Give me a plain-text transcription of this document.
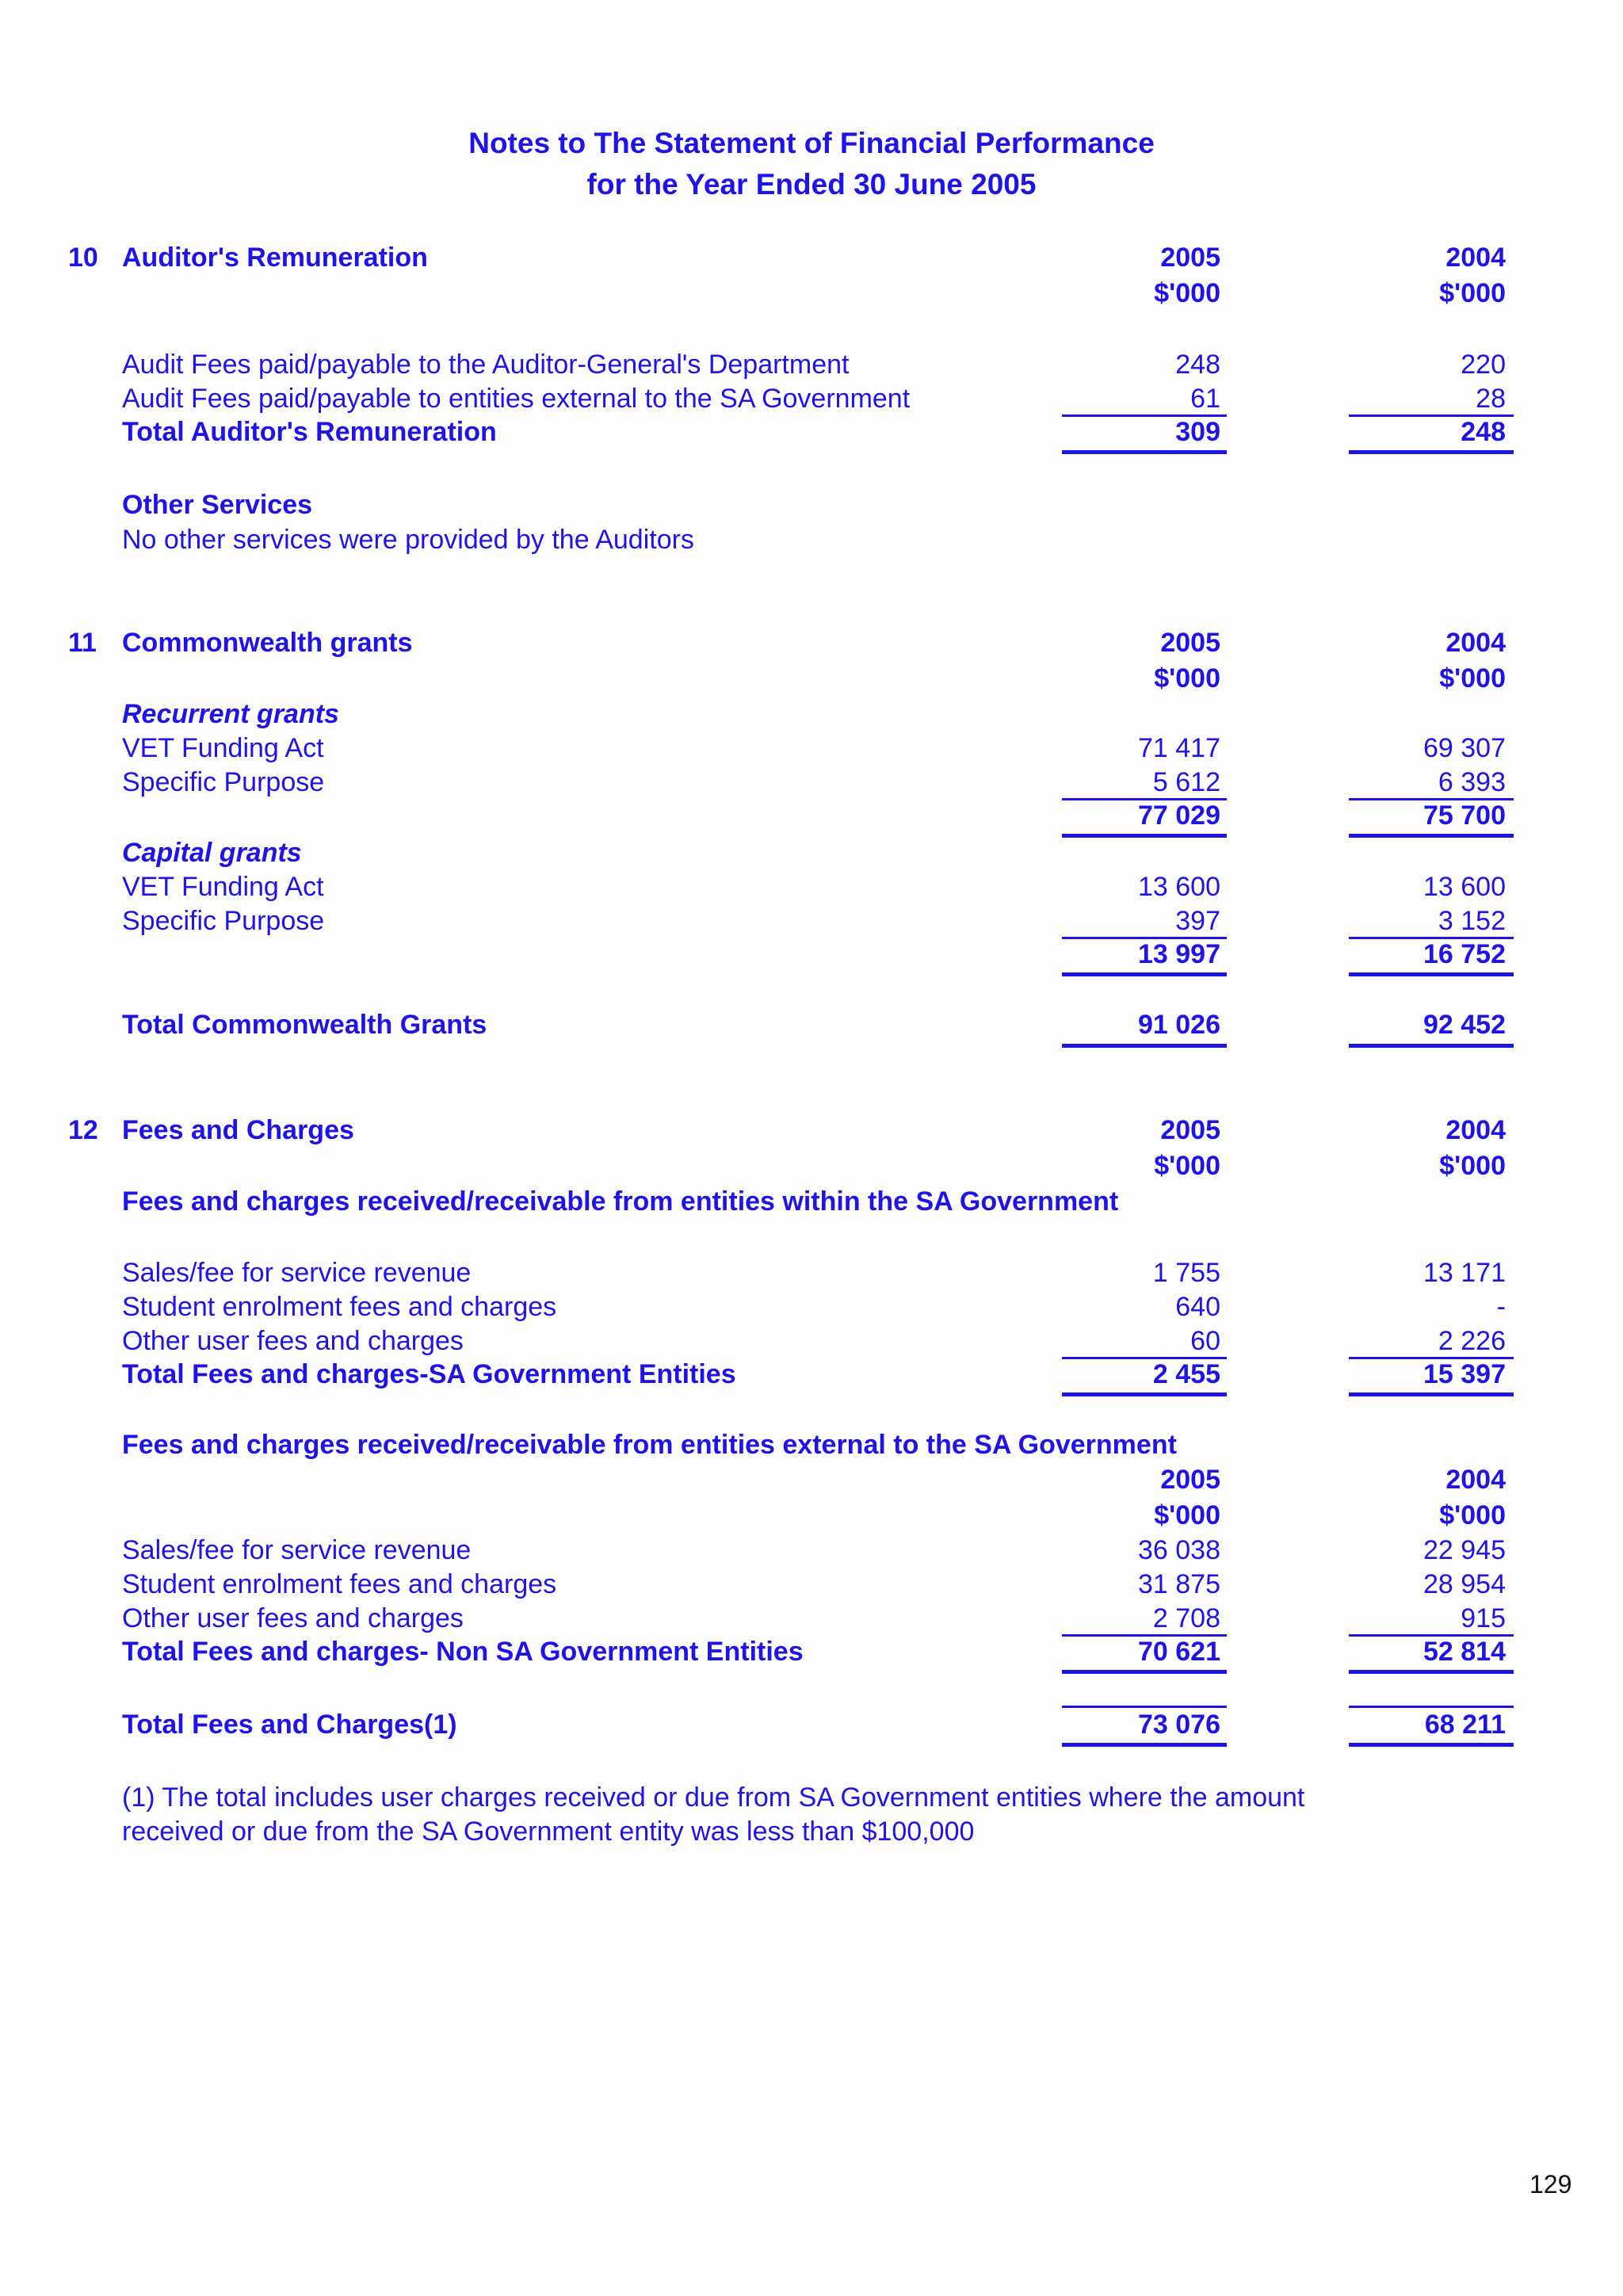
Notes to The Statement of Financial Performance
for the Year Ended 30 June 2005
10 Auditor's Remuneration	2005	2004
$'000	$'000
Audit Fees paid/payable to the Auditor-General's Department	248	220
Audit Fees paid/payable to entities external to the SA Government	61	28
Total Auditor's Remuneration	309	248
Other Services
No other services were provided by the Auditors
11 Commonwealth grants	2005	2004
$'000	$'000
Recurrent grants
VET Funding Act	71 417	69 307
Specific Purpose	5 612	6 393
77 029	75 700
Capital grants
VET Funding Act	13 600	13 600
Specific Purpose	397	3 152
13 997	16 752
Total Commonwealth Grants	91 026	92 452
12 Fees and Charges	2005	2004
$'000	$'000
Fees and charges received/receivable from entities within the SA Government
Sales/fee for service revenue	1 755	13 171
Student enrolment fees and charges	640	-
Other user fees and charges	60	2 226
Total Fees and charges-SA Government Entities	2 455	15 397
Fees and charges received/receivable from entities external to the SA Government
2005	2004
$'000	$'000
Sales/fee for service revenue	36 038	22 945
Student enrolment fees and charges	31 875	28 954
Other user fees and charges	2 708	915
Total Fees and charges- Non SA Government Entities	70 621	52 814
Total Fees and Charges(1)	73 076	68 211
(1) The total includes user charges received or due from SA Government entities where the amount
received or due from the SA Government entity was less than $100,000
129
